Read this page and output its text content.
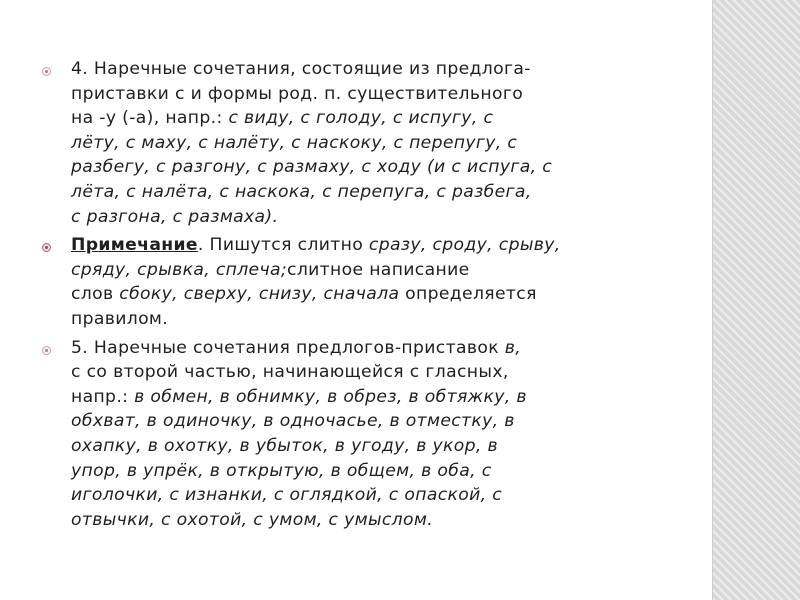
4. Наречные сочетания, состоящие из предлога-
приставки с и формы род. п. существительного
на -у (-а), напр.: с виду, с голоду, с испугу, с
лёту, с маху, с налёту, с наскоку, с перепугу, с
разбегу, с разгону, с размаху, с ходу (и с испуга, с
лёта, с налёта, с наскока, с перепуга, с разбега,
с разгона, с размаха).
Примечание. Пишутся слитно сразу, сроду, срыву,
сряду, срывка, сплеча;слитное написание
слов сбоку, сверху, снизу, сначала определяется
правилом.
5. Наречные сочетания предлогов-приставок в,
с со второй частью, начинающейся с гласных,
напр.: в обмен, в обнимку, в обрез, в обтяжку, в
обхват, в одиночку, в одночасье, в отместку, в
охапку, в охотку, в убыток, в угоду, в укор, в
упор, в упрёк, в открытую, в общем, в оба, с
иголочки, с изнанки, с оглядкой, с опаской, с
отвычки, с охотой, с умом, с умыслом.
